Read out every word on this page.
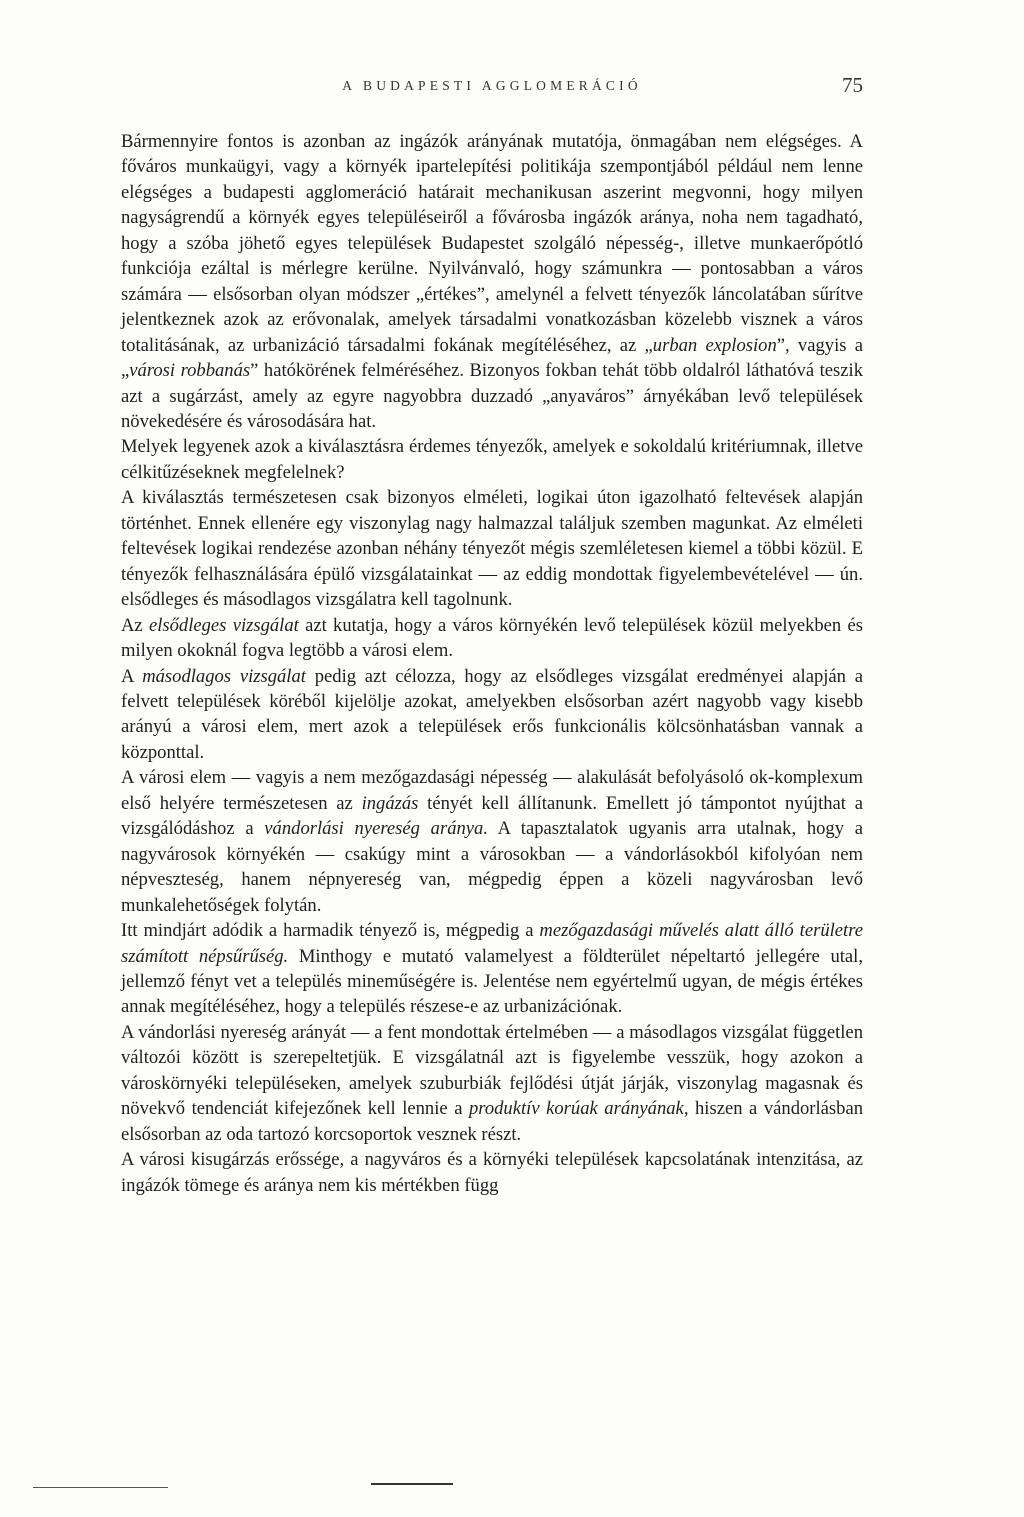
A BUDAPESTI AGGLOMERÁCIÓ	75

Bármennyire fontos is azonban az ingázók arányának mutatója, önmagában nem elégséges. A főváros munkaügyi, vagy a környék iparteleрítési politikája szempontjából például nem lenne elégséges a budapesti agglomeráció határait mechanikusan aszerint megvonni, hogy milyen nagyságrendű a környék egyes településeiről a fővárosba ingázók aránya, noha nem tagadható, hogy a szóba jöhető egyes települések Budapestet szolgáló népesség-, illetve munkaerőpótló funkciója ezáltal is mérlegre kerülne. Nyilvánvaló, hogy számunkra — pontosabban a város számára — elsősorban olyan módszer „értékes”, amelynél a felvett tényezők láncolatában sűrítve jelentkeznek azok az erővonalak, amelyek társadalmi vonatkozásban közelebb visznek a város totalitásának, az urbanizáció társadalmi fokának megítéléséhez, az „urban explosion”, vagyis a „városi robbanás” hatókörének felméréséhez. Bizonyos fokban tehát több oldalról láthatóvá teszik azt a sugárzást, amely az egyre nagyobbra duzzadó „anyaváros” árnyékában levő települések növekedésére és városodására hat.

Melyek legyenek azok a kiválasztásra érdemes tényezők, amelyek e sokoldalú kritériumnak, illetve célkitűzéseknek megfelelnek?

A kiválasztás természetesen csak bizonyos elméleti, logikai úton igazolható feltevések alapján történhet. Ennek ellenére egy viszonylag nagy halmazzal találjuk szemben magunkat. Az elméleti feltevések logikai rendezése azonban néhány tényezőt mégis szemléletesen kiemel a többi közül. E tényezők felhasználására épülő vizsgálatainkat — az eddig mondottak figyelembevételével — ún. elsődleges és másodlagos vizsgálatra kell tagolnunk.

Az elsődleges vizsgálat azt kutatja, hogy a város környékén levő települések közül melyekben és milyen okoknál fogva legtöbb a városi elem.

A másodlagos vizsgálat pedig azt célozza, hogy az elsődleges vizsgálat eredményei alapján a felvett települések köréből kijelölje azokat, amelyekben elsősorban azért nagyobb vagy kisebb arányú a városi elem, mert azok a települések erős funkcionális kölcsönhatásban vannak a központtal.

A városi elem — vagyis a nem mezőgazdasági népesség — alakulását befolyásoló ok-komplexum első helyére természetesen az ingázás tényét kell állítanunk. Emellett jó támpontot nyújthat a vizsgálódáshoz a vándorlási nyereség aránya. A tapasztalatok ugyanis arra utalnak, hogy a nagyvárosok környékén — csakúgy mint a városokban — a vándorlásokból kifolyóan nem népveszteség, hanem népnyereség van, mégpedig éppen a közeli nagyvárosban levő munkalehetőségek folytán.

Itt mindjárt adódik a harmadik tényező is, mégpedig a mezőgazdasági művelés alatt álló területre számított népsűrűség. Minthogy e mutató valamelyest a földterület népeltartó jellegére utal, jellemző fényt vet a település mineműségére is. Jelentése nem egyértelmű ugyan, de mégis értékes annak megítéléséhez, hogy a település részese-e az urbanizációnak.

A vándorlási nyereség arányát — a fent mondottak értelmében — a másodlagos vizsgálat független változói között is szerepeltetjük. E vizsgálatnál azt is figyelembe vesszük, hogy azokon a városkörnyéki településeken, amelyek szuburbiák fejlődési útját járják, viszonylag magasnak és növekvő tendenciát kifejezőnek kell lennie a produktív korúak arányának, hiszen a vándorlásban elsősorban az oda tartozó korcsoportok vesznek részt.

A városi kisugárzás erőssége, a nagyváros és a környéki települések kapcsolatának intenzitása, az ingázók tömege és aránya nem kis mértékben függ
